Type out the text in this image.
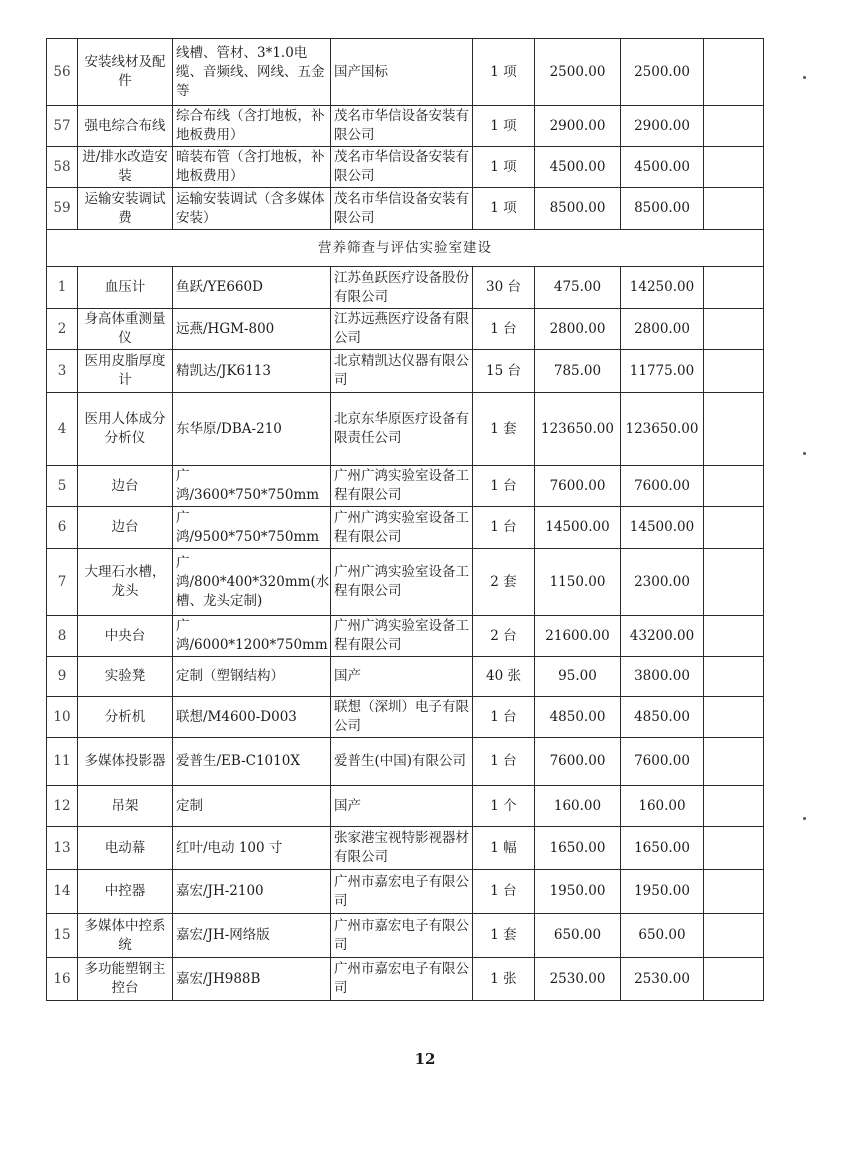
56	安装线材及配件	线槽、管材、3*1.0电缆、音频线、网线、五金等	国产国标	1 项	2500.00	2500.00	
57	强电综合布线	综合布线（含打地板，补地板费用）	茂名市华信设备安装有限公司	1 项	2900.00	2900.00	
58	进/排水改造安装	暗装布管（含打地板，补地板费用）	茂名市华信设备安装有限公司	1 项	4500.00	4500.00	
59	运输安装调试费	运输安装调试（含多媒体安装）	茂名市华信设备安装有限公司	1 项	8500.00	8500.00	
营养筛查与评估实验室建设							
1	血压计	鱼跃/YE660D	江苏鱼跃医疗设备股份有限公司	30 台	475.00	14250.00	
2	身高体重测量仪	远燕/HGM-800	江苏远燕医疗设备有限公司	1 台	2800.00	2800.00	
3	医用皮脂厚度计	精凯达/JK6113	北京精凯达仪器有限公司	15 台	785.00	11775.00	
4	医用人体成分分析仪	东华原/DBA-210	北京东华原医疗设备有限责任公司	1 套	123650.00	123650.00	
5	边台	广鸿/3600*750*750mm	广州广鸿实验室设备工程有限公司	1 台	7600.00	7600.00	
6	边台	广鸿/9500*750*750mm	广州广鸿实验室设备工程有限公司	1 台	14500.00	14500.00	
7	大理石水槽，龙头	广鸿/800*400*320mm(水槽、龙头定制)	广州广鸿实验室设备工程有限公司	2 套	1150.00	2300.00	
8	中央台	广鸿/6000*1200*750mm	广州广鸿实验室设备工程有限公司	2 台	21600.00	43200.00	
9	实验凳	定制（塑钢结构）	国产	40 张	95.00	3800.00	
10	分析机	联想/M4600-D003	联想（深圳）电子有限公司	1 台	4850.00	4850.00	
11	多媒体投影器	爱普生/EB-C1010X	爱普生(中国)有限公司	1 台	7600.00	7600.00	
12	吊架	定制	国产	1 个	160.00	160.00	
13	电动幕	红叶/电动 100 寸	张家港宝视特影视器材有限公司	1 幅	1650.00	1650.00	
14	中控器	嘉宏/JH-2100	广州市嘉宏电子有限公司	1 台	1950.00	1950.00	
15	多媒体中控系统	嘉宏/JH-网络版	广州市嘉宏电子有限公司	1 套	650.00	650.00	
16	多功能塑钢主控台	嘉宏/JH988B	广州市嘉宏电子有限公司	1 张	2530.00	2530.00	
12
